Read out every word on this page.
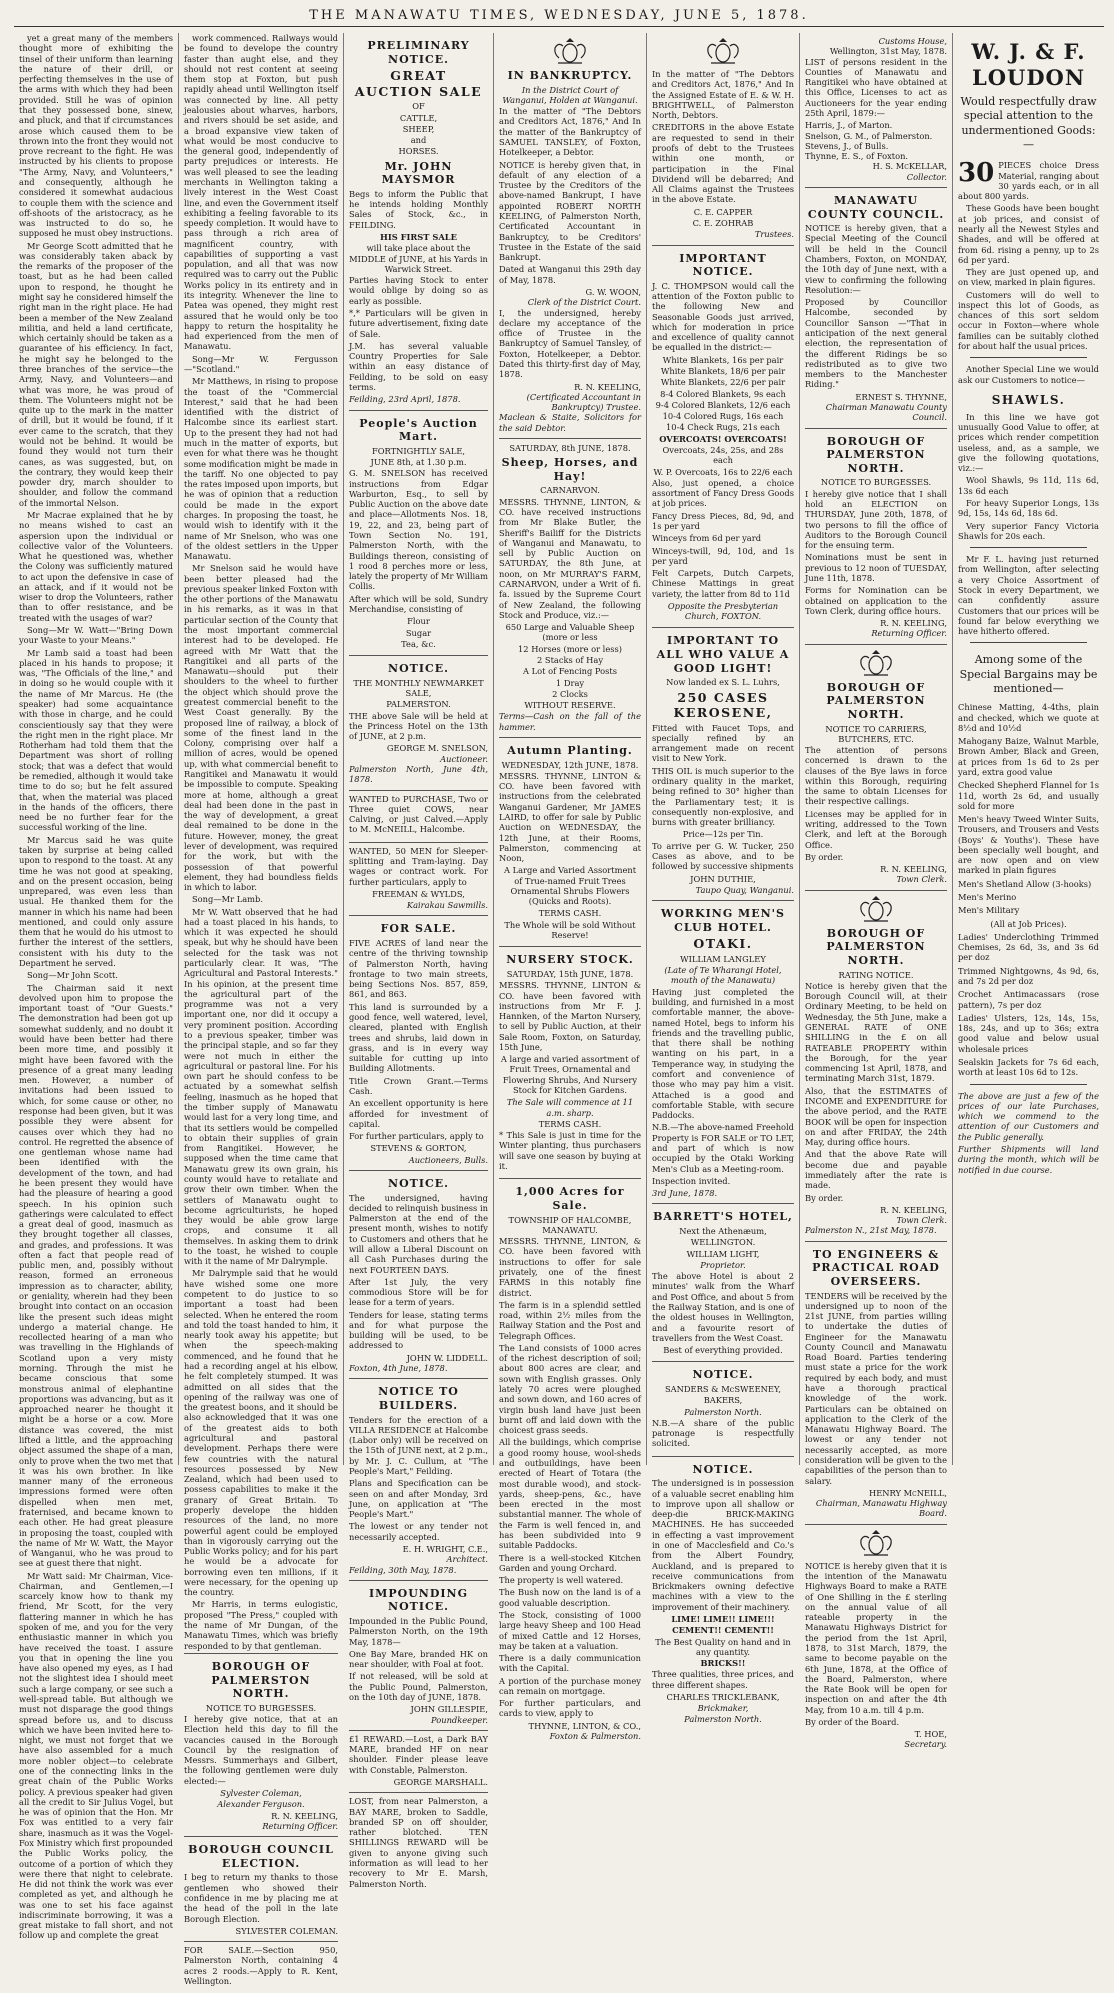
THE MANAWATU TIMES, WEDNESDAY, JUNE 5, 1878.

yet a great many of the members thought more of exhibiting the tinsel of their uniform than learning the nature of their drill, or perfecting themselves in the use of the arms with which they had been provided. Still he was of opinion that they possessed bone, sinew, and pluck, and that if circumstances arose which caused them to be thrown into the front they would not prove recreant to the fight. He was instructed by his clients to propose "The Army, Navy, and Volunteers," and consequently, although he considered it somewhat audacious to couple them with the science and off-shoots of the aristocracy, as he was instructed to do so, he supposed he must obey instructions.

Mr George Scott admitted that he was considerably taken aback by the remarks of the proposer of the toast, but as he had been called upon to respond, he thought he might say he considered himself the right man in the right place. He had been a member of the New Zealand militia, and held a land certificate, which certainly should be taken as a guarantee of his efficiency. In fact, he might say he belonged to the three branches of the service—the Army, Navy, and Volunteers—and what was more, he was proud of them. The Volunteers might not be quite up to the mark in the matter of drill, but it would be found, if it ever came to the scratch, that they would not be behind. It would be found they would not turn their canes, as was suggested, but, on the contrary, they would keep their powder dry, march shoulder to shoulder, and follow the command of the immortal Nelson.

Mr Macrae explained that he by no means wished to cast an aspersion upon the individual or collective valor of the Volunteers. What he questioned was, whether the Colony was sufficiently matured to act upon the defensive in case of an attack, and if it would not be wiser to drop the Volunteers, rather than to offer resistance, and be treated with the usages of war?

Song—Mr W. Watt—"Bring Down your Waste to your Means."

Mr Lamb said a toast had been placed in his hands to propose; it was, "The Officials of the line," and in doing so he would couple with it the name of Mr Marcus. He (the speaker) had some acquaintance with those in charge, and he could conscientiously say that they were the right men in the right place. Mr Rotherham had told them that the Department was short of rolling stock; that was a defect that would be remedied, although it would take time to do so; but he felt assured that, when the material was placed in the hands of the officers, there need be no further fear for the successful working of the line.

Mr Marcus said he was quite taken by surprise at being called upon to respond to the toast. At any time he was not good at speaking, and on the present occasion, being unprepared, was even less than usual. He thanked them for the manner in which his name had been mentioned, and could only assure them that he would do his utmost to further the interest of the settlers, consistent with his duty to the Department he served.

Song—Mr John Scott.

The Chairman said it next devolved upon him to propose the important toast of "Our Guests." The demonstration had been got up somewhat suddenly, and no doubt it would have been better had there been more time, and possibly it might have been favored with the presence of a great many leading men. However, a number of invitations had been issued to which, for some cause or other, no response had been given, but it was possible they were absent for causes over which they had no control. He regretted the absence of one gentleman whose name had been identified with the development of the town, and had he been present they would have had the pleasure of hearing a good speech. In his opinion such gatherings were calculated to effect a great deal of good, inasmuch as they brought together all classes, and grades, and professions. It was often a fact that people read of public men, and, possibly without reason, formed an erroneous impression as to character, ability, or geniality, wherein had they been brought into contact on an occasion like the present such ideas might undergo a material change. He recollected hearing of a man who was travelling in the Highlands of Scotland upon a very misty morning. Through the mist he became conscious that some monstrous animal of elephantine proportions was advancing, but as it approached nearer he thought it might be a horse or a cow. More distance was covered, the mist lifted a little, and the approaching object assumed the shape of a man, only to prove when the two met that it was his own brother. In like manner many of the erroneous impressions formed were often dispelled when men met, fraternised, and became known to each other. He had great pleasure in proposing the toast, coupled with the name of Mr W. Watt, the Mayor of Wanganui, who he was proud to see at guest there that night.

Mr Watt said: Mr Chairman, Vice-Chairman, and Gentlemen,—I scarcely know how to thank my friend, Mr Scott, for the very flattering manner in which he has spoken of me, and you for the very enthusiastic manner in which you have received the toast. I assure you that in opening the line you have also opened my eyes, as I had not the slightest idea I should meet such a large company, or see such a well-spread table. But although we must not disparage the good things spread before us, and to discuss which we have been invited here to-night, we must not forget that we have also assembled for a much more nobler object—to celebrate one of the connecting links in the great chain of the Public Works policy. A previous speaker had given all the credit to Sir Julius Vogel, but he was of opinion that the Hon. Mr Fox was entitled to a very fair share, inasmuch as it was the Vogel-Fox Ministry which first propounded the Public Works policy, the outcome of a portion of which they were there that night to celebrate. He did not think the work was ever completed as yet, and although he was one to set his face against indiscriminate borrowing, it was a great mistake to fall short, and not follow up and complete the great

work commenced. Railways would be found to develope the country faster than aught else, and they should not rest content at seeing them stop at Foxton, but push rapidly ahead until Wellington itself was connected by line. All petty jealousies about wharves, harbors, and rivers should be set aside, and a broad expansive view taken of what would be most conducive to the general good, independently of party prejudices or interests. He was well pleased to see the leading merchants in Wellington taking a lively interest in the West Coast line, and even the Government itself exhibiting a feeling favorable to its speedy completion. It would have to pass through a rich area of magnificent country, with capabilities of supporting a vast population, and all that was now required was to carry out the Public Works policy in its entirety and in its integrity. Whenever the line to Patea was opened, they might rest assured that he would only be too happy to return the hospitality he had experienced from the men of Manawatu.

Song—Mr W. Fergusson—"Scotland."

Mr Matthews, in rising to propose the toast of the "Commercial Interest," said that he had been identified with the district of Halcombe since its earliest start. Up to the present they had not had much in the matter of exports, but even for what there was he thought some modification might be made in the tariff. No one objected to pay the rates imposed upon imports, but he was of opinion that a reduction could be made in the export charges. In proposing the toast, he would wish to identify with it the name of Mr Snelson, who was one of the oldest settlers in the Upper Manawatu.

Mr Snelson said he would have been better pleased had the previous speaker linked Foxton with the other portions of the Manawatu in his remarks, as it was in that particular section of the County that the most important commercial interest had to be developed. He agreed with Mr Watt that the Rangitikei and all parts of the Manawatu—should put their shoulders to the wheel to further the object which should prove the greatest commercial benefit to the West Coast generally. By the proposed line of railway, a block of some of the finest land in the Colony, comprising over half a million of acres, would be opened up, with what commercial benefit to Rangitikei and Manawatu it would be impossible to compute. Speaking more at home, although a great deal had been done in the past in the way of development, a great deal remained to be done in the future. However, money, the great lever of development, was required for the work, but with the possession of that powerful element, they had boundless fields in which to labor.

Song—Mr Lamb.

Mr W. Watt observed that he had had a toast placed in his hands, to which it was expected he should speak, but why he should have been selected for the task was not particularly clear. It was, "The Agricultural and Pastoral Interests." In his opinion, at the present time the agricultural part of the programme was not a very important one, nor did it occupy a very prominent position. According to a previous speaker, timber was the principal staple, and so far they were not much in either the agricultural or pastoral line. For his own part he should confess to be actuated by a somewhat selfish feeling, inasmuch as he hoped that the timber supply of Manawatu would last for a very long time, and that its settlers would be compelled to obtain their supplies of grain from Rangitikei. However, he supposed when the time came that Manawatu grew its own grain, his county would have to retaliate and grow their own timber. When the settlers of Manawatu ought to become agriculturists, he hoped they would be able grow large crops, and consume it all themselves. In asking them to drink to the toast, he wished to couple with it the name of Mr Dalrymple.

Mr Dalrymple said that he would have wished some one more competent to do justice to so important a toast had been selected. When he entered the room and told the toast handed to him, it nearly took away his appetite; but when the speech-making commenced, and he found that he had a recording angel at his elbow, he felt completely stumped. It was admitted on all sides that the opening of the railway was one of the greatest boons, and it should be also acknowledged that it was one of the greatest aids to both agricultural and pastoral development. Perhaps there were few countries with the natural resources possessed by New Zealand, which had been used to possess capabilities to make it the granary of Great Britain. To properly develope the hidden resources of the land, no more powerful agent could be employed than in vigorously carrying out the Public Works policy; and for his part he would be a advocate for borrowing even ten millions, if it were necessary, for the opening up the country.

Mr Harris, in terms eulogistic, proposed "The Press," coupled with the name of Mr Dungan, of the Manawatu Times, which was briefly responded to by that gentleman.

BOROUGH OF PALMERSTON NORTH.
NOTICE TO BURGESSES.

I hereby give notice, that at an Election held this day to fill the vacancies caused in the Borough Council by the resignation of Messrs. Summerhays and Gilbert, the following gentlemen were duly elected:—

Sylvester Coleman,
Alexander Ferguson.
R. N. KEELING,
Returning Officer.
BOROUGH COUNCIL ELECTION.

I beg to return my thanks to those gentlemen who showed their confidence in me by placing me at the head of the poll in the late Borough Election.

SYLVESTER COLEMAN.

FOR SALE.—Section 950, Palmerston North, containing 4 acres 2 roods.—Apply to R. Kent, Wellington.

PRELIMINARY NOTICE.
GREAT AUCTION SALE
OF
CATTLE,
SHEEP,
and
HORSES.
Mr. JOHN MAYSMOR

Begs to inform the Public that he intends holding Monthly Sales of Stock, &c., in FEILDING.

HIS FIRST SALE
will take place about the MIDDLE of JUNE, at his Yards in Warwick Street.

Parties having Stock to enter would oblige by doing so as early as possible.

*,* Particulars will be given in future advertisement, fixing date of Sale.

J.M. has several valuable Country Properties for Sale within an easy distance of Feilding, to be sold on easy terms.

Feilding, 23rd April, 1878.
People's Auction Mart.
FORTNIGHTLY SALE,
JUNE 8th, at 1.30 p.m.

G. M. SNELSON has received instructions from Edgar Warburton, Esq., to sell by Public Auction on the above date and place—Allotments Nos. 18, 19, 22, and 23, being part of Town Section No. 191, Palmerston North, with the Buildings thereon, consisting of 1 rood 8 perches more or less, lately the property of Mr William Collis.

After which will be sold, Sundry Merchandise, consisting of

Flour
Sugar
Tea, &c.
NOTICE.
THE MONTHLY NEWMARKET SALE,
PALMERSTON.

THE above Sale will be held at the Princess Hotel on the 13th of JUNE, at 2 p.m.

GEORGE M. SNELSON,
Auctioneer.
Palmerston North, June 4th, 1878.

WANTED to PURCHASE, Two or Three quiet COWS, near Calving, or just Calved.—Apply to M. McNEILL, Halcombe.

WANTED, 50 MEN for Sleeper-splitting and Tram-laying. Day wages or contract work. For further particulars, apply to

FREEMAN & WYLDS,
Kairakau Sawmills.
FOR SALE.

FIVE ACRES of land near the centre of the thriving township of Palmerston North, having frontage to two main streets, being Sections Nos. 857, 859, 861, and 863.

This land is surrounded by a good fence, well watered, level, cleared, planted with English trees and shrubs, laid down in grass, and is in every way suitable for cutting up into Building Allotments.

Title Crown Grant.—Terms Cash.

An excellent opportunity is here afforded for investment of capital.

For further particulars, apply to

STEVENS & GORTON,
Auctioneers, Bulls.
NOTICE.

The undersigned, having decided to relinquish business in Palmerston at the end of the present month, wishes to notify to Customers and others that he will allow a Liberal Discount on all Cash Purchases during the next FOURTEEN DAYS.

After 1st July, the very commodious Store will be for lease for a term of years.

Tenders for lease, stating terms and for what purpose the building will be used, to be addressed to

JOHN W. LIDDELL.
Foxton, 4th June, 1878.
NOTICE TO BUILDERS.

Tenders for the erection of a VILLA RESIDENCE at Halcombe (Labor only) will be received on the 15th of JUNE next, at 2 p.m., by Mr. J. C. Cullum, at "The People's Mart," Feilding.

Plans and Specification can be seen on and after Monday, 3rd June, on application at "The People's Mart."

The lowest or any tender not necessarily accepted.

E. H. WRIGHT, C.E.,
Architect.
Feilding, 30th May, 1878.
IMPOUNDING NOTICE.

Impounded in the Public Pound, Palmerston North, on the 19th May, 1878—

One Bay Mare, branded HK on near shoulder, with Foal at foot.

If not released, will be sold at the Public Pound, Palmerston, on the 10th day of JUNE, 1878.

JOHN GILLESPIE,
Poundkeeper.

£1 REWARD.—Lost, a Dark BAY MARE, branded HF on near shoulder. Finder please leave with Constable, Palmerston.

GEORGE MARSHALL.

LOST, from near Palmerston, a BAY MARE, broken to Saddle, branded SP on off shoulder, rather blotched. TEN SHILLINGS REWARD will be given to anyone giving such information as will lead to her recovery to Mr E. Marsh, Palmerston North.

IN BANKRUPTCY.
In the District Court of Wanganui, Holden at Wanganui.

In the matter of "The Debtors and Creditors Act, 1876," And In the matter of the Bankruptcy of SAMUEL TANSLEY, of Foxton, Hotelkeeper, a Debtor.

NOTICE is hereby given that, in default of any election of a Trustee by the Creditors of the above-named Bankrupt, I have appointed ROBERT NORTH KEELING, of Palmerston North, Certificated Accountant in Bankruptcy, to be Creditors' Trustee in the Estate of the said Bankrupt.

Dated at Wanganui this 29th day of May, 1878.

G. W. WOON,
Clerk of the District Court.

I, the undersigned, hereby declare my acceptance of the office of Trustee in the Bankruptcy of Samuel Tansley, of Foxton, Hotelkeeper, a Debtor. Dated this thirty-first day of May, 1878.

R. N. KEELING,
(Certificated Accountant in Bankruptcy) Trustee.
Maclean & Staite, Solicitors for the said Debtor.
SATURDAY, 8th JUNE, 1878.
Sheep, Horses, and Hay!
CARNARVON.

MESSRS. THYNNE, LINTON, & CO. have received instructions from Mr Blake Butler, the Sheriff's Bailiff for the Districts of Wanganui and Manawatu, to sell by Public Auction on SATURDAY, the 8th June, at noon, on Mr MURRAY'S FARM, CARNARVON, under a Writ of fi. fa. issued by the Supreme Court of New Zealand, the following Stock and Produce, viz.:—

650 Large and Valuable Sheep (more or less
12 Horses (more or less)
2 Stacks of Hay
A Lot of Fencing Posts
1 Dray
2 Clocks
WITHOUT RESERVE.
Terms—Cash on the fall of the hammer.
Autumn Planting.
WEDNESDAY, 12th JUNE, 1878.

MESSRS. THYNNE, LINTON & CO. have been favored with instructions from the celebrated Wanganui Gardener, Mr JAMES LAIRD, to offer for sale by Public Auction on WEDNESDAY, the 12th June, at their Rooms, Palmerston, commencing at Noon,

A Large and Varied Assortment of True-named Fruit Trees Ornamental Shrubs Flowers (Quicks and Roots).

TERMS CASH.
The Whole will be sold Without Reserve!
NURSERY STOCK.
SATURDAY, 15th JUNE, 1878.

MESSRS. THYNNE, LINTON & CO. have been favored with instructions from Mr F. J. Hannken, of the Marton Nursery, to sell by Public Auction, at their Sale Room, Foxton, on Saturday, 15th June,

A large and varied assortment of Fruit Trees, Ornamental and Flowering Shrubs, And Nursery Stock for Kitchen Gardens.

The Sale will commence at 11 a.m. sharp.
TERMS CASH.

* This Sale is just in time for the Winter planting, thus purchasers will save one season by buying at it.

1,000 Acres for Sale.
TOWNSHIP OF HALCOMBE, MANAWATU.

MESSRS. THYNNE, LINTON, & CO. have been favored with instructions to offer for sale privately, one of the finest FARMS in this notably fine district.

The farm is in a splendid settled road, within 2½ miles from the Railway Station and the Post and Telegraph Offices.

The Land consists of 1000 acres of the richest description of soil; about 800 acres are clear, and sown with English grasses. Only lately 70 acres were ploughed and sown down, and 160 acres of virgin bush land have just been burnt off and laid down with the choicest grass seeds.

All the buildings, which comprise a good roomy house, wool-sheds and outbuildings, have been erected of Heart of Totara (the most durable wood), and stock-yards, sheep-pens, &c., have been erected in the most substantial manner. The whole of the Farm is well fenced in, and has been subdivided into 9 suitable Paddocks.

There is a well-stocked Kitchen Garden and young Orchard.

The property is well watered.

The Bush now on the land is of a good valuable description.

The Stock, consisting of 1000 large heavy Sheep and 100 Head of mixed Cattle and 12 Horses, may be taken at a valuation.

There is a daily communication with the Capital.

A portion of the purchase money can remain on mortgage.

For further particulars, and cards to view, apply to

THYNNE, LINTON, & CO.,
Foxton & Palmerston.

In the matter of "The Debtors and Creditors Act, 1876," And In the Assigned Estate of E. & W. H. BRIGHTWELL, of Palmerston North, Debtors.

CREDITORS in the above Estate are requested to send in their proofs of debt to the Trustees within one month, or participation in the Final Dividend will be debarred; And All Claims against the Trustees in the above Estate.

C. E. CAPPER
C. E. ZOHRAB
Trustees.
IMPORTANT NOTICE.

J. C. THOMPSON would call the attention of the Foxton public to the following New and Seasonable Goods just arrived, which for moderation in price and excellence of quality cannot be equalled in the district:—

White Blankets, 16s per pair
White Blankets, 18/6 per pair
White Blankets, 22/6 per pair
8-4 Colored Blankets, 9s each
9-4 Colored Blankets, 12/6 each
10-4 Colored Rugs, 16s each
10-4 Check Rugs, 21s each
OVERCOATS! OVERCOATS!
Overcoats, 24s, 25s, and 28s each
W. P. Overcoats, 16s to 22/6 each

Also, just opened, a choice assortment of Fancy Dress Goods at job prices.

Fancy Dress Pieces, 8d, 9d, and 1s per yard

Winceys from 6d per yard

Winceys-twill, 9d, 10d, and 1s per yard

Felt Carpets, Dutch Carpets, Chinese Mattings in great variety, the latter from 8d to 11d

Opposite the Presbyterian Church, FOXTON.
IMPORTANT TO ALL WHO VALUE A GOOD LIGHT!
Now landed ex S. L. Luhrs,
250 CASES KEROSENE,

Fitted with Faucet Tops, and specially refined by an arrangement made on recent visit to New York.

THIS OIL is much superior to the ordinary quality in the market, being refined to 30° higher than the Parliamentary test; it is consequently non-explosive, and burns with greater brilliancy.

Price—12s per Tin.

To arrive per G. W. Tucker, 250 Cases as above, and to be followed by successive shipments

JOHN DUTHIE,
Taupo Quay, Wanganui.
WORKING MEN'S CLUB HOTEL.
OTAKI.
WILLIAM LANGLEY
(Late of Te Wharangi Hotel, mouth of the Manawatu)

Having just completed the building, and furnished in a most comfortable manner, the above-named Hotel, begs to inform his friends and the travelling public, that there shall be nothing wanting on his part, in a Temperance way, in studying the comfort and convenience of those who may pay him a visit. Attached is a good and comfortable Stable, with secure Paddocks.

N.B.—The above-named Freehold Property is FOR SALE or TO LET, and part of which is now occupied by the Otaki Working Men's Club as a Meeting-room.

Inspection invited.

3rd June, 1878.
BARRETT'S HOTEL,
Next the Athenæum,
WELLINGTON.
WILLIAM LIGHT,
Proprietor.

The above Hotel is about 2 minutes' walk from the Wharf and Post Office, and about 5 from the Railway Station, and is one of the oldest houses in Wellington, and a favourite resort of travellers from the West Coast.

Best of everything provided.
NOTICE.
SANDERS & McSWEENEY,
BAKERS,
Palmerston North.

N.B.—A share of the public patronage is respectfully solicited.

NOTICE.

The undersigned is in possession of a valuable secret enabling him to improve upon all shallow or deep-die BRICK-MAKING MACHINES. He has succeeded in effecting a vast improvement in one of Macclesfield and Co.'s from the Albert Foundry, Auckland, and is prepared to receive communications from Brickmakers owning defective machines with a view to the improvement of their machinery.

LIME! LIME!! LIME!!!
CEMENT!! CEMENT!!
The Best Quality on hand and in any quantity.
BRICKS!!

Three qualities, three prices, and three different shapes.

CHARLES TRICKLEBANK,
Brickmaker,
Palmerston North.
Customs House,
Wellington, 31st May, 1878.

LIST of persons resident in the Counties of Manawatu and Rangitikei who have obtained at this Office, Licenses to act as Auctioneers for the year ending 25th April, 1879:—

Harris, J., of Marton.
Snelson, G. M., of Palmerston.
Stevens, J., of Bulls.
Thynne, E. S., of Foxton.
H. S. McKELLAR,
Collector.
MANAWATU COUNTY COUNCIL.

NOTICE is hereby given, that a Special Meeting of the Council will be held in the Council Chambers, Foxton, on MONDAY, the 10th day of June next, with a view to confirming the following Resolution:—

Proposed by Councillor Halcombe, seconded by Councillor Sanson —"That in anticipation of the next general election, the representation of the different Ridings be so redistributed as to give two members to the Manchester Riding."

ERNEST S. THYNNE,
Chairman Manawatu County Council.
BOROUGH OF PALMERSTON NORTH.
NOTICE TO BURGESSES.

I hereby give notice that I shall hold an ELECTION on THURSDAY, June 20th, 1878, of two persons to fill the office of Auditors to the Borough Council for the ensuing term.

Nominations must be sent in previous to 12 noon of TUESDAY, June 11th, 1878.

Forms for Nomination can be obtained on application to the Town Clerk, during office hours.

R. N. KEELING,
Returning Officer.
BOROUGH OF PALMERSTON NORTH.
NOTICE TO CARRIERS, BUTCHERS, ETC.

The attention of persons concerned is drawn to the clauses of the Bye laws in force within this Borough, requiring the same to obtain Licenses for their respective callings.

Licenses may be applied for in writing, addressed to the Town Clerk, and left at the Borough Office.

By order.

R. N. KEELING,
Town Clerk.
BOROUGH OF PALMERSTON NORTH.
RATING NOTICE.

Notice is hereby given that the Borough Council will, at their Ordinary Meeting, to be held on Wednesday, the 5th June, make a GENERAL RATE of ONE SHILLING in the £ on all RATEABLE PROPERTY within the Borough, for the year commencing 1st April, 1878, and terminating March 31st, 1879.

Also, that the ESTIMATES of INCOME and EXPENDITURE for the above period, and the RATE BOOK will be open for inspection on and after FRIDAY, the 24th May, during office hours.

And that the above Rate will become due and payable immediately after the rate is made.

By order.

R. N. KEELING,
Town Clerk.
Palmerston N., 21st May, 1878.
TO ENGINEERS & PRACTICAL ROAD OVERSEERS.

TENDERS will be received by the undersigned up to noon of the 21st JUNE, from parties willing to undertake the duties of Engineer for the Manawatu County Council and Manawatu Road Board. Parties tendering must state a price for the work required by each body, and must have a thorough practical knowledge of the work. Particulars can be obtained on application to the Clerk of the Manawatu Highway Board. The lowest or any tender not necessarily accepted, as more consideration will be given to the capabilities of the person than to salary.

HENRY McNEILL,
Chairman, Manawatu Highway Board.

NOTICE is hereby given that it is the intention of the Manawatu Highways Board to make a RATE of One Shilling in the £ sterling on the annual value of all rateable property in the Manawatu Highways District for the period from the 1st April, 1878, to 31st March, 1879, the same to become payable on the 6th June, 1878, at the Office of the Board, Palmerston, where the Rate Book will be open for inspection on and after the 4th May, from 10 a.m. till 4 p.m.

By order of the Board.

T. HOE,
Secretary.
W. J. & F. LOUDON
Would respectfully draw special attention to the undermentioned Goods:—
30 PIECES choice Dress Material, ranging about 30 yards each, or in all about 800 yards.

These Goods have been bought at job prices, and consist of nearly all the Newest Styles and Shades, and will be offered at from 6d. rising a penny, up to 2s 6d per yard.

They are just opened up, and on view, marked in plain figures.

Customers will do well to inspect this lot of Goods, as chances of this sort seldom occur in Foxton—where whole families can be suitably clothed for about half the usual prices.

Another Special Line we would ask our Customers to notice—

SHAWLS.

In this line we have got unusually Good Value to offer, at prices which render competition useless, and, as a sample, we give the following quotations, viz.:—

Wool Shawls, 9s 11d, 11s 6d, 13s 6d each

For heavy Superior Longs, 13s 9d, 15s, 14s 6d, 18s 6d.

Very superior Fancy Victoria Shawls for 20s each.

Mr F. L. having just returned from Wellington, after selecting a very Choice Assortment of Stock in every Department, we can confidently assure Customers that our prices will be found far below everything we have hitherto offered.

Among some of the Special Bargains may be mentioned—

Chinese Matting, 4-4ths, plain and checked, which we quote at 8½d and 10½d

Mahogany Baize, Walnut Marble, Brown Amber, Black and Green, at prices from 1s 6d to 2s per yard, extra good value

Checked Shepherd Flannel for 1s 11d, worth 2s 6d, and usually sold for more

Men's heavy Tweed Winter Suits, Trousers, and Trousers and Vests (Boys' & Youths'). These have been specially well bought, and are now open and on view marked in plain figures

Men's Shetland Allow (3-hooks)

Men's Merino

Men's Military

(All at Job Prices).

Ladies' Underclothing Trimmed Chemises, 2s 6d, 3s, and 3s 6d per doz

Trimmed Nightgowns, 4s 9d, 6s, and 7s 2d per doz

Crochet Antimacassars (rose pattern), 7s per doz

Ladies' Ulsters, 12s, 14s, 15s, 18s, 24s, and up to 36s; extra good value and below usual wholesale prices

Sealskin Jackets for 7s 6d each, worth at least 10s 6d to 12s.

The above are just a few of the prices of our late Purchases, which we commend to the attention of our Customers and the Public generally.

Further Shipments will land during the month, which will be notified in due course.
